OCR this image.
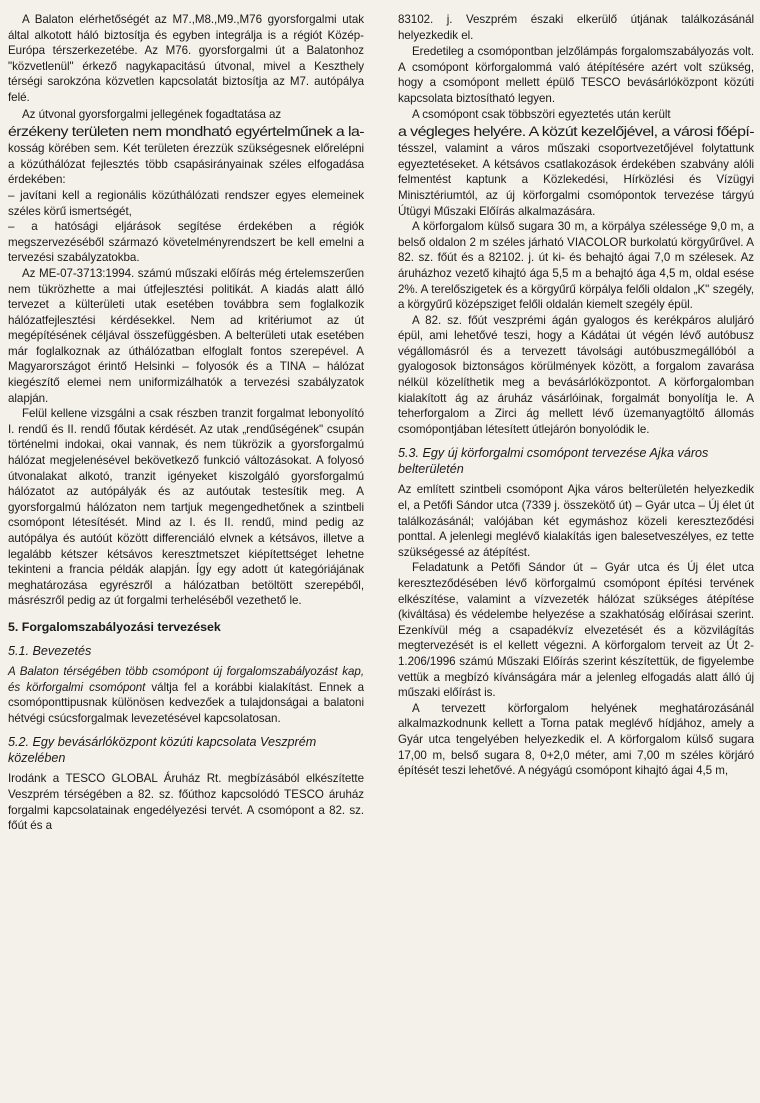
A Balaton elérhetőségét az M7.,M8.,M9.,M76 gyorsforgalmi utak által alkotott háló biztosítja és egyben integrálja is a régiót Közép-Európa térszerkezetébe. Az M76. gyorsforgalmi út a Balatonhoz "közvetlenül" érkező nagykapacitású útvonal, mivel a Keszthely térségi sarokzóna közvetlen kapcsolatát biztosítja az M7. autópálya felé.

Az útvonal gyorsforgalmi jellegének fogadtatása az

érzékeny területen nem mondható egyértelműnek a la-
kosság körében sem. Két területen érezzük szükségesnek előrelépni a közúthálózat fejlesztés több csapásirányainak széles elfogadása érdekében:

– javítani kell a regionális közúthálózati rendszer egyes elemeinek széles körű ismertségét,

– a hatósági eljárások segítése érdekében a régiók megszervezéséből származó követelményrendszert be kell emelni a tervezési szabályzatokba.

Az ME-07-3713:1994. számú műszaki előírás még értelemszerűen nem tükrözhette a mai útfejlesztési politikát. A kiadás alatt álló tervezet a külterületi utak esetében továbbra sem foglalkozik hálózatfejlesztési kérdésekkel. Nem ad kritériumot az út megépítésének céljával összefüggésben. A belterületi utak esetében már foglalkoznak az úthálózatban elfoglalt fontos szerepével. A Magyarországot érintő Helsinki – folyosók és a TINA – hálózat kiegészítő elemei nem uniformizálhatók a tervezési szabályzatok alapján.

Felül kellene vizsgálni a csak részben tranzit forgalmat lebonyolító I. rendű és II. rendű főutak kérdését. Az utak „rendűségének" csupán történelmi indokai, okai vannak, és nem tükrözik a gyorsforgalmú hálózat megjelenésével bekövetkező funkció változásokat. A folyosó útvonalakat alkotó, tranzit igényeket kiszolgáló gyorsforgalmú hálózatot az autópályák és az autóutak testesítik meg. A gyorsforgalmú hálózaton nem tartjuk megengedhetőnek a szintbeli csomópont létesítését. Mind az I. és II. rendű, mind pedig az autópálya és autóút között differenciáló elvnek a kétsávos, illetve a legalább kétszer kétsávos keresztmetszet kiépítettséget lehetne tekinteni a francia példák alapján. Így egy adott út kategóriájának meghatározása egyrészről a hálózatban betöltött szerepéből, másrészről pedig az út forgalmi terheléséből vezethető le.

5. Forgalomszabályozási tervezések
5.1. Bevezetés

A Balaton térségében több csomópont új forgalomszabályozást kap, és körforgalmi csomópont váltja fel a korábbi kialakítást. Ennek a csomóponttipusnak különösen kedvezőek a tulajdonságai a balatoni hétvégi csúcsforgalmak levezetésével kapcsolatosan.

5.2. Egy bevásárlóközpont közúti kapcsolata Veszprém közelében

Irodánk a TESCO GLOBAL Áruház Rt. megbízásából elkészítette Veszprém térségében a 82. sz. főúthoz kapcsolódó TESCO áruház forgalmi kapcsolatainak engedélyezési tervét. A csomópont a 82. sz. főút és a

83102. j. Veszprém északi elkerülő útjának találkozásánál helyezkedik el.

Eredetileg a csomópontban jelzőlámpás forgalomszabályozás volt. A csomópont körforgalommá való átépítésére azért volt szükség, hogy a csomópont mellett épülő TESCO bevásárlóközpont közúti kapcsolata biztosítható legyen.

A csomópont csak többszöri egyeztetés után került

a végleges helyére. A közút kezelőjével, a városi főépí-
tésszel, valamint a város műszaki csoportvezetőjével folytattunk egyeztetéseket. A kétsávos csatlakozások érdekében szabvány alóli felmentést kaptunk a Közlekedési, Hírközlési és Vízügyi Minisztériumtól, az új körforgalmi csomópontok tervezése tárgyú Útügyi Műszaki Előírás alkalmazására.

A körforgalom külső sugara 30 m, a körpálya szélessége 9,0 m, a belső oldalon 2 m széles járható VIACOLOR burkolatú körgyűrűvel. A 82. sz. főút és a 82102. j. út ki- és behajtó ágai 7,0 m szélesek. Az áruházhoz vezető kihajtó ága 5,5 m a behajtó ága 4,5 m, oldal esése 2%. A terelőszigetek és a körgyűrű körpálya felőli oldalon „K" szegély, a körgyűrű középsziget felőli oldalán kiemelt szegély épül.

A 82. sz. főút veszprémi ágán gyalogos és kerékpáros aluljáró épül, ami lehetővé teszi, hogy a Kádátai út végén lévő autóbusz végállomásról és a tervezett távolsági autóbuszmegállóból a gyalogosok biztonságos körülmények között, a forgalom zavarása nélkül közelíthetik meg a bevásárlóközpontot. A körforgalomban kialakított ág az áruház vásárlóinak, forgalmát bonyolítja le. A teherforgalom a Zirci ág mellett lévő üzemanyagtöltő állomás csomópontjában létesített útlejárón bonyolódik le.

5.3. Egy új körforgalmi csomópont tervezése Ajka város belterületén

Az említett szintbeli csomópont Ajka város belterületén helyezkedik el, a Petőfi Sándor utca (7339 j. összekötő út) – Gyár utca – Új élet út találkozásánál; valójában két egymáshoz közeli kereszteződési ponttal. A jelenlegi meglévő kialakítás igen balesetveszélyes, ez tette szükségessé az átépítést.

Feladatunk a Petőfi Sándor út – Gyár utca és Új élet utca kereszteződésében lévő körforgalmú csomópont építési tervének elkészítése, valamint a vízvezeték hálózat szükséges átépítése (kiváltása) és védelembe helyezése a szakhatóság előírásai szerint. Ezenkívül még a csapadékvíz elvezetését és a közvilágítás megtervezését is el kellett végezni. A körforgalom terveit az Út 2-1.206/1996 számú Műszaki Előírás szerint készítettük, de figyelembe vettük a megbízó kívánságára már a jelenleg elfogadás alatt álló új műszaki előírást is.

A tervezett körforgalom helyének meghatározásánál alkalmazkodnunk kellett a Torna patak meglévő hídjához, amely a Gyár utca tengelyében helyezkedik el. A körforgalom külső sugara 17,00 m, belső sugara 8, 0+2,0 méter, ami 7,00 m széles körjáró építését teszi lehetővé. A négyágú csomópont kihajtó ágai 4,5 m,
